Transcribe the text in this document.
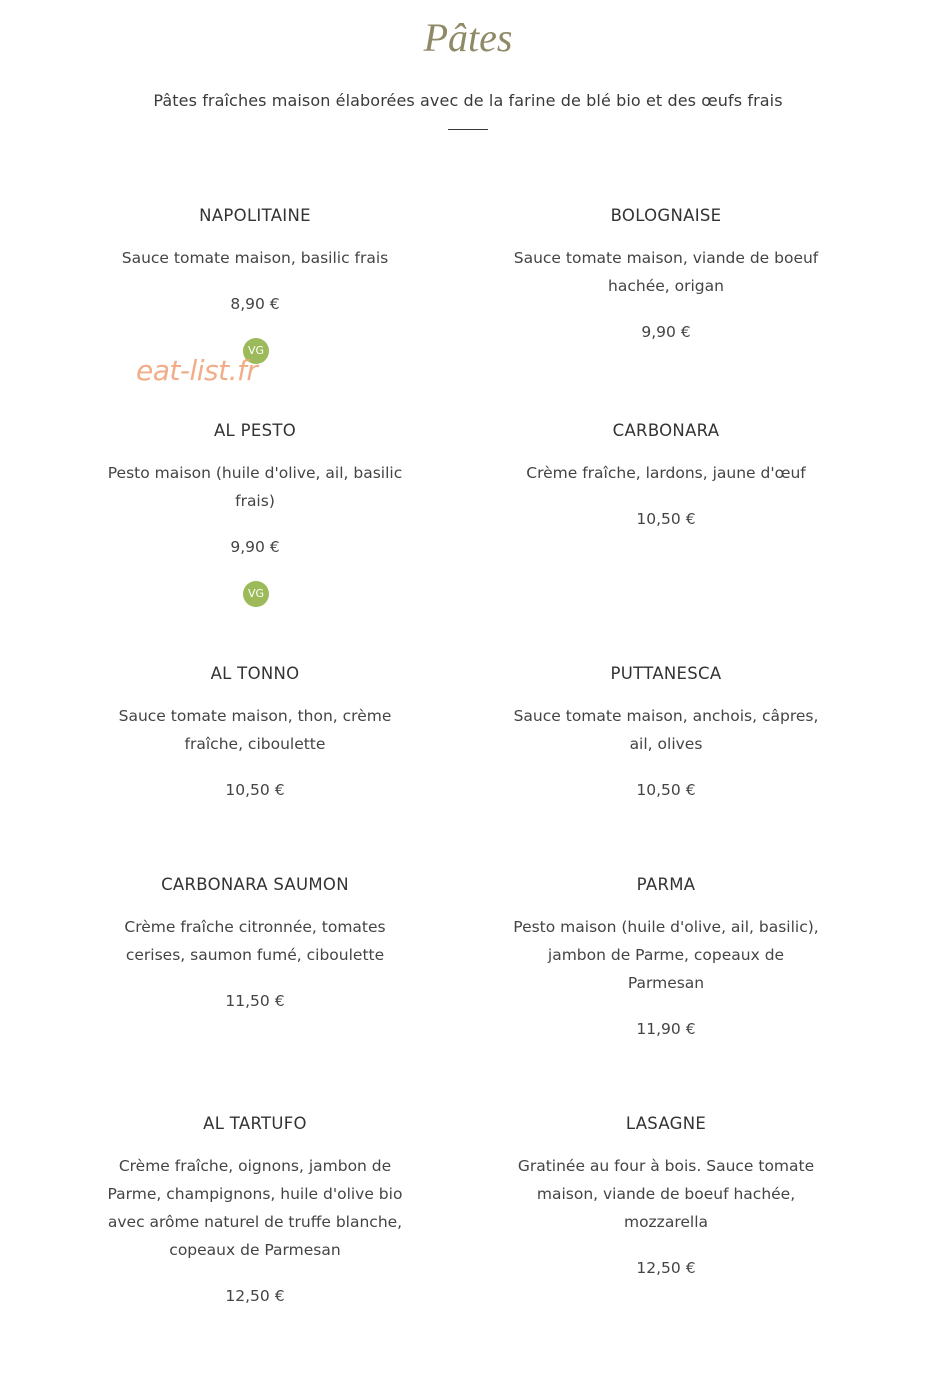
Pâtes
Pâtes fraîches maison élaborées avec de la farine de blé bio et des œufs frais
NAPOLITAINE
Sauce tomate maison, basilic frais
8,90 €
VG
eat-list.fr
BOLOGNAISE
Sauce tomate maison, viande de boeuf hachée, origan
9,90 €
AL PESTO
Pesto maison (huile d'olive, ail, basilic frais)
9,90 €
VG
CARBONARA
Crème fraîche, lardons, jaune d'œuf
10,50 €
AL TONNO
Sauce tomate maison, thon, crème fraîche, ciboulette
10,50 €
PUTTANESCA
Sauce tomate maison, anchois, câpres, ail, olives
10,50 €
CARBONARA SAUMON
Crème fraîche citronnée, tomates cerises, saumon fumé, ciboulette
11,50 €
PARMA
Pesto maison (huile d'olive, ail, basilic), jambon de Parme, copeaux de Parmesan
11,90 €
AL TARTUFO
Crème fraîche, oignons, jambon de Parme, champignons, huile d'olive bio avec arôme naturel de truffe blanche, copeaux de Parmesan
12,50 €
LASAGNE
Gratinée au four à bois. Sauce tomate maison, viande de boeuf hachée, mozzarella
12,50 €
